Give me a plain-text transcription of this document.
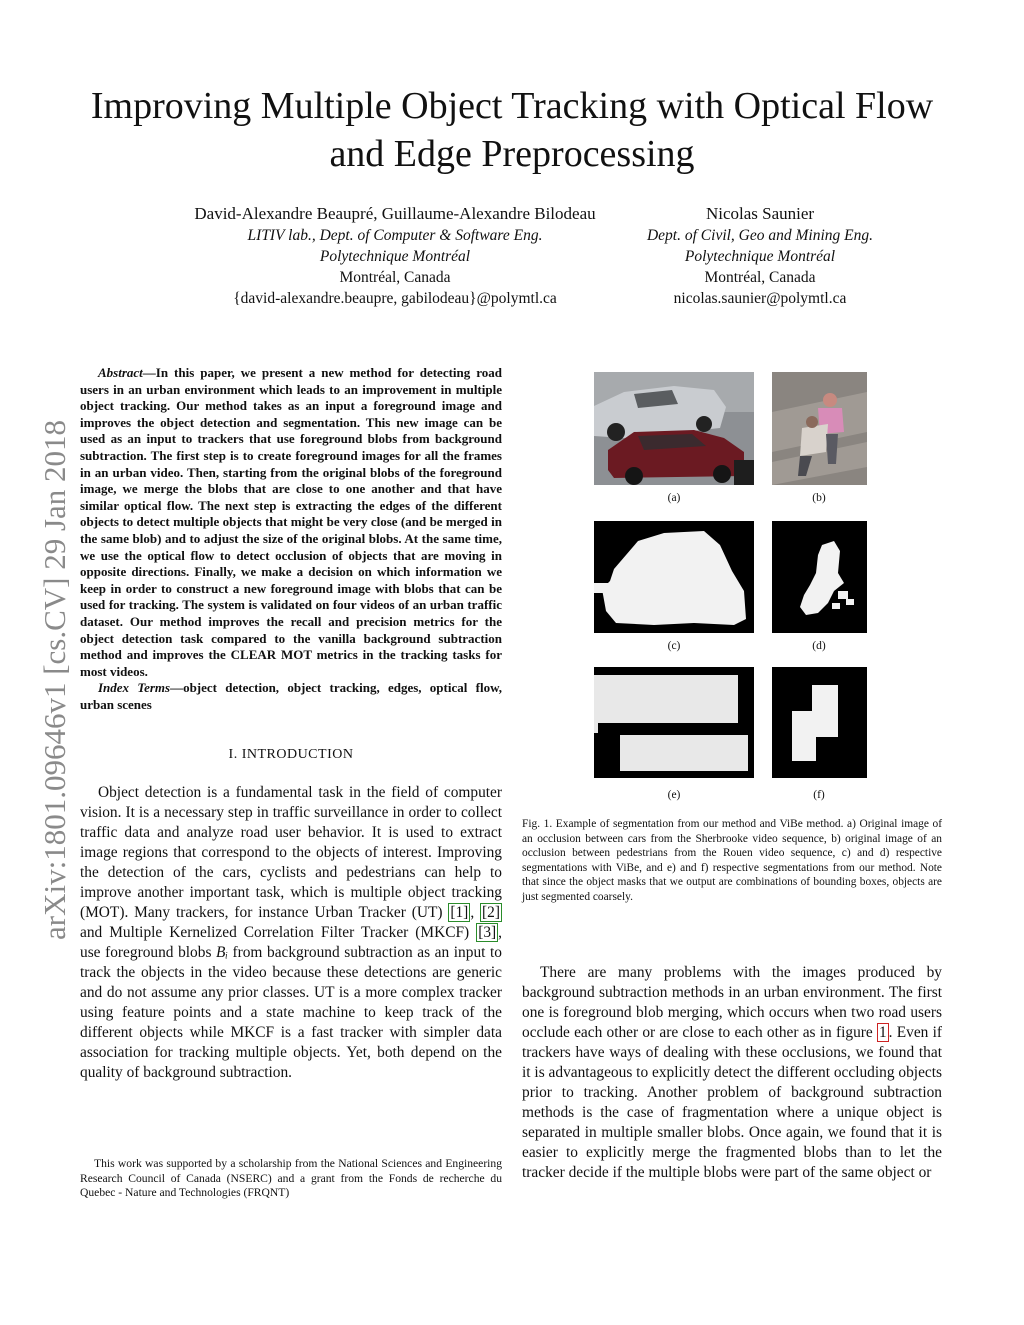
Improving Multiple Object Tracking with Optical Flow and Edge Preprocessing
David-Alexandre Beaupré, Guillaume-Alexandre Bilodeau
LITIV lab., Dept. of Computer & Software Eng.
Polytechnique Montréal
Montréal, Canada
{david-alexandre.beaupre, gabilodeau}@polymtl.ca
Nicolas Saunier
Dept. of Civil, Geo and Mining Eng.
Polytechnique Montréal
Montréal, Canada
nicolas.saunier@polymtl.ca
arXiv:1801.09646v1 [cs.CV] 29 Jan 2018

Abstract—In this paper, we present a new method for detecting road users in an urban environment which leads to an improvement in multiple object tracking. Our method takes as an input a foreground image and improves the object detection and segmentation. This new image can be used as an input to trackers that use foreground blobs from background subtraction. The first step is to create foreground images for all the frames in an urban video. Then, starting from the original blobs of the foreground image, we merge the blobs that are close to one another and that have similar optical flow. The next step is extracting the edges of the different objects to detect multiple objects that might be very close (and be merged in the same blob) and to adjust the size of the original blobs. At the same time, we use the optical flow to detect occlusion of objects that are moving in opposite directions. Finally, we make a decision on which information we keep in order to construct a new foreground image with blobs that can be used for tracking. The system is validated on four videos of an urban traffic dataset. Our method improves the recall and precision metrics for the object detection task compared to the vanilla background subtraction method and improves the CLEAR MOT metrics in the tracking tasks for most videos.

Index Terms—object detection, object tracking, edges, optical flow, urban scenes

I. INTRODUCTION

Object detection is a fundamental task in the field of computer vision. It is a necessary step in traffic surveillance in order to collect traffic data and analyze road user behavior. It is used to extract image regions that correspond to the objects of interest. Improving the detection of the cars, cyclists and pedestrians can help to improve another important task, which is multiple object tracking (MOT). Many trackers, for instance Urban Tracker (UT) [1] , [2] and Multiple Kernelized Correlation Filter Tracker (MKCF) [3] , use foreground blobs Bᵢ from background subtraction as an input to track the objects in the video because these detections are generic and do not assume any prior classes. UT is a more complex tracker using feature points and a state machine to keep track of the different objects while MKCF is a fast tracker with simpler data association for tracking multiple objects. Yet, both depend on the quality of background subtraction.

This work was supported by a scholarship from the National Sciences and Engineering Research Council of Canada (NSERC) and a grant from the Fonds de recherche du Quebec - Nature and Technologies (FRQNT)

(a)	(b)
(c)	(d)
(e)	(f)

Fig. 1. Example of segmentation from our method and ViBe method. a) Original image of an occlusion between cars from the Sherbrooke video sequence, b) original image of an occlusion between pedestrians from the Rouen video sequence, c) and d) respective segmentations with ViBe, and e) and f) respective segmentations from our method. Note that since the object masks that we output are combinations of bounding boxes, objects are just segmented coarsely.

There are many problems with the images produced by background subtraction methods in an urban environment. The first one is foreground blob merging, which occurs when two road users occlude each other or are close to each other as in figure 1 . Even if trackers have ways of dealing with these occlusions, we found that it is advantageous to explicitly detect the different occluding objects prior to tracking. Another problem of background subtraction methods is the case of fragmentation where a unique object is separated in multiple smaller blobs. Once again, we found that it is easier to explicitly merge the fragmented blobs than to let the tracker decide if the multiple blobs were part of the same object or
